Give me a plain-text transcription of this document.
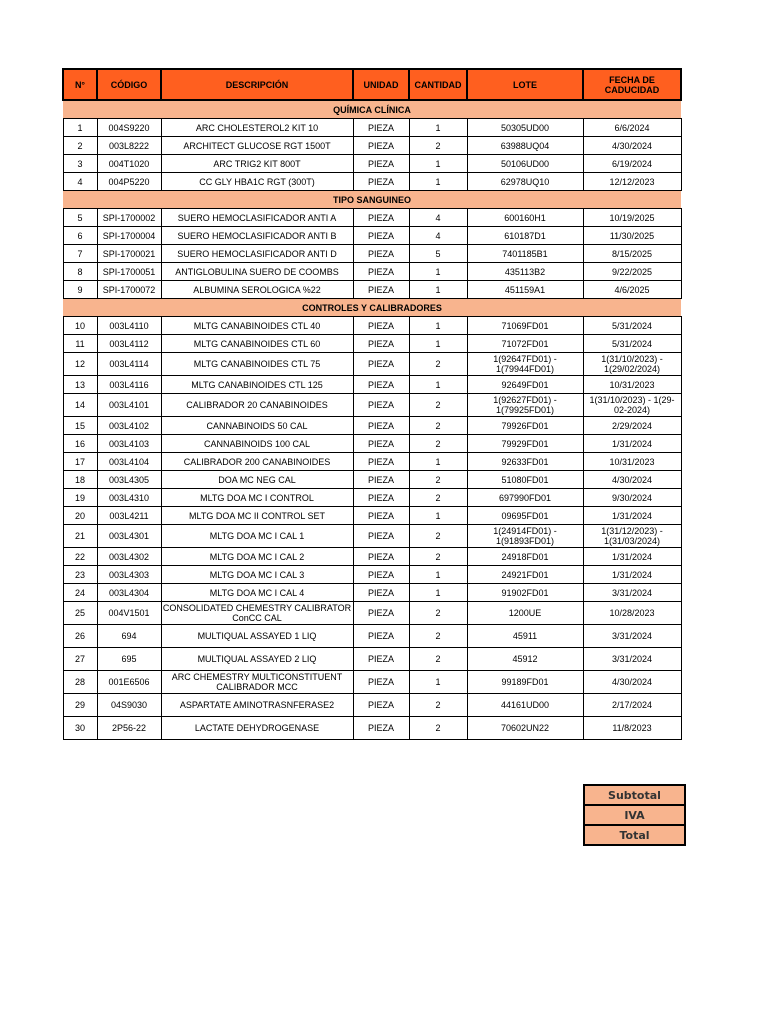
N°	CÓDIGO	DESCRIPCIÓN	UNIDAD	CANTIDAD	LOTE	FECHA DE CADUCIDAD
QUÍMICA CLÍNICA						
1	004S9220	ARC CHOLESTEROL2 KIT 10	PIEZA	1	50305UD00	6/6/2024
2	003L8222	ARCHITECT GLUCOSE RGT 1500T	PIEZA	2	63988UQ04	4/30/2024
3	004T1020	ARC TRIG2 KIT 800T	PIEZA	1	50106UD00	6/19/2024
4	004P5220	CC GLY HBA1C RGT (300T)	PIEZA	1	62978UQ10	12/12/2023
TIPO SANGUINEO						
5	SPI-1700002	SUERO HEMOCLASIFICADOR ANTI A	PIEZA	4	600160H1	10/19/2025
6	SPI-1700004	SUERO HEMOCLASIFICADOR ANTI B	PIEZA	4	610187D1	11/30/2025
7	SPI-1700021	SUERO HEMOCLASIFICADOR ANTI D	PIEZA	5	7401185B1	8/15/2025
8	SPI-1700051	ANTIGLOBULINA SUERO DE COOMBS	PIEZA	1	435113B2	9/22/2025
9	SPI-1700072	ALBUMINA SEROLOGICA %22	PIEZA	1	451159A1	4/6/2025
CONTROLES Y CALIBRADORES						
10	003L4110	MLTG CANABINOIDES CTL 40	PIEZA	1	71069FD01	5/31/2024
11	003L4112	MLTG CANABINOIDES CTL 60	PIEZA	1	71072FD01	5/31/2024
12	003L4114	MLTG CANABINOIDES CTL 75	PIEZA	2	1(92647FD01) - 1(79944FD01)	1(31/10/2023) - 1(29/02/2024)
13	003L4116	MLTG CANABINOIDES CTL 125	PIEZA	1	92649FD01	10/31/2023
14	003L4101	CALIBRADOR 20 CANABINOIDES	PIEZA	2	1(92627FD01) - 1(79925FD01)	1(31/10/2023) - 1(29-02-2024)
15	003L4102	CANNABINOIDS 50 CAL	PIEZA	2	79926FD01	2/29/2024
16	003L4103	CANNABINOIDS 100 CAL	PIEZA	2	79929FD01	1/31/2024
17	003L4104	CALIBRADOR 200 CANABINOIDES	PIEZA	1	92633FD01	10/31/2023
18	003L4305	DOA MC NEG CAL	PIEZA	2	51080FD01	4/30/2024
19	003L4310	MLTG DOA MC I CONTROL	PIEZA	2	697990FD01	9/30/2024
20	003L4211	MLTG DOA MC II CONTROL SET	PIEZA	1	09695FD01	1/31/2024
21	003L4301	MLTG DOA MC I CAL 1	PIEZA	2	1(24914FD01) - 1(91893FD01)	1(31/12/2023) - 1(31/03/2024)
22	003L4302	MLTG DOA MC I CAL 2	PIEZA	2	24918FD01	1/31/2024
23	003L4303	MLTG DOA MC I CAL 3	PIEZA	1	24921FD01	1/31/2024
24	003L4304	MLTG DOA MC I CAL 4	PIEZA	1	91902FD01	3/31/2024
25	004V1501	CONSOLIDATED CHEMESTRY CALIBRATOR ConCC CAL	PIEZA	2	1200UE	10/28/2023
26	694	MULTIQUAL ASSAYED 1 LIQ	PIEZA	2	45911	3/31/2024
27	695	MULTIQUAL ASSAYED 2 LIQ	PIEZA	2	45912	3/31/2024
28	001E6506	ARC CHEMESTRY MULTICONSTITUENT CALIBRADOR MCC	PIEZA	1	99189FD01	4/30/2024
29	04S9030	ASPARTATE AMINOTRASNFERASE2	PIEZA	2	44161UD00	2/17/2024
30	2P56-22	LACTATE DEHYDROGENASE	PIEZA	2	70602UN22	11/8/2023
Subtotal
IVA
Total
